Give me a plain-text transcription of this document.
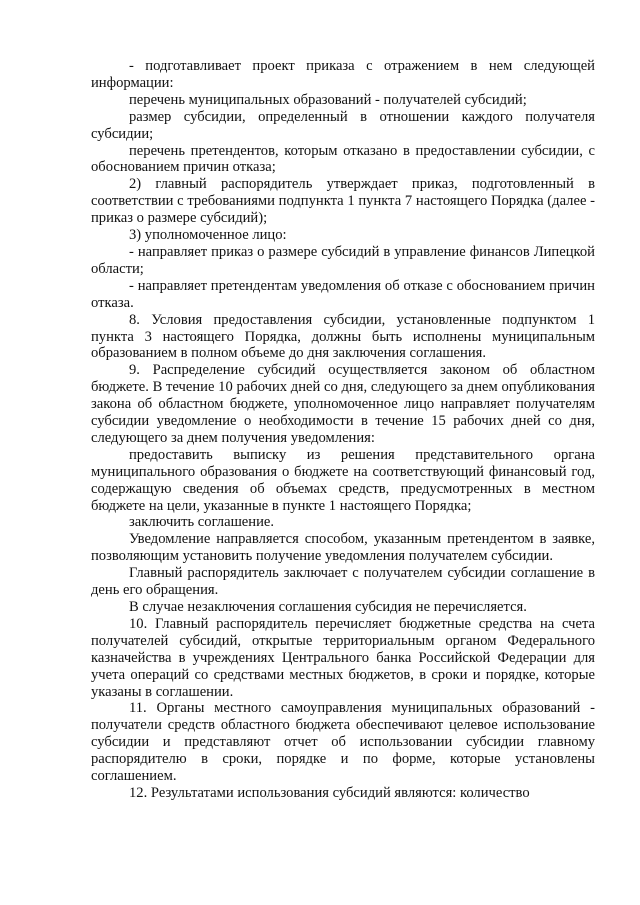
- подготавливает проект приказа с отражением в нем следующей информации:

перечень муниципальных образований - получателей субсидий;

размер субсидии, определенный в отношении каждого получателя субсидии;

перечень претендентов, которым отказано в предоставлении субсидии, с обоснованием причин отказа;

2) главный распорядитель утверждает приказ, подготовленный в соответствии с требованиями подпункта 1 пункта 7 настоящего Порядка (далее - приказ о размере субсидий);

3) уполномоченное лицо:

- направляет приказ о размере субсидий в управление финансов Липецкой области;

- направляет претендентам уведомления об отказе с обоснованием причин отказа.

8. Условия предоставления субсидии, установленные подпунктом 1 пункта 3 настоящего Порядка, должны быть исполнены муниципальным образованием в полном объеме до дня заключения соглашения.

9. Распределение субсидий осуществляется законом об областном бюджете. В течение 10 рабочих дней со дня, следующего за днем опубликования закона об областном бюджете, уполномоченное лицо направляет получателям субсидии уведомление о необходимости в течение 15 рабочих дней со дня, следующего за днем получения уведомления:

предоставить выписку из решения представительного органа муниципального образования о бюджете на соответствующий финансовый год, содержащую сведения об объемах средств, предусмотренных в местном бюджете на цели, указанные в пункте 1 настоящего Порядка;

заключить соглашение.

Уведомление направляется способом, указанным претендентом в заявке, позволяющим установить получение уведомления получателем субсидии.

Главный распорядитель заключает с получателем субсидии соглашение в день его обращения.

В случае незаключения соглашения субсидия не перечисляется.

10. Главный распорядитель перечисляет бюджетные средства на счета получателей субсидий, открытые территориальным органом Федерального казначейства в учреждениях Центрального банка Российской Федерации для учета операций со средствами местных бюджетов, в сроки и порядке, которые указаны в соглашении.

11. Органы местного самоуправления муниципальных образований - получатели средств областного бюджета обеспечивают целевое использование субсидии и представляют отчет об использовании субсидии главному распорядителю в сроки, порядке и по форме, которые установлены соглашением.

12. Результатами использования субсидий являются: количество
